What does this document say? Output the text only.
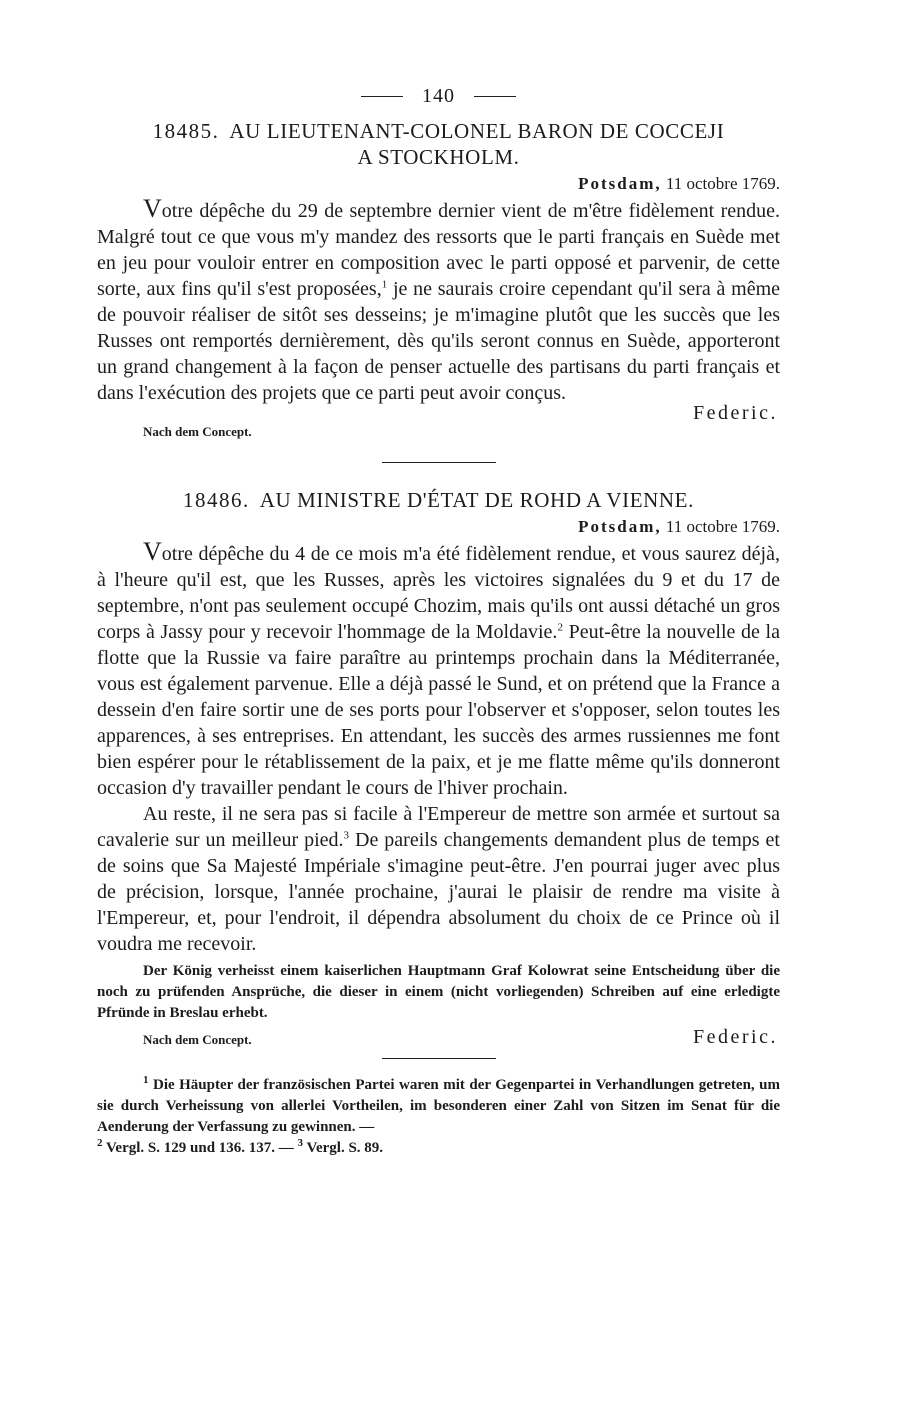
140
18485. AU LIEUTENANT-COLONEL BARON DE COCCEJI
A STOCKHOLM.
Potsdam, 11 octobre 1769.

Votre dépêche du 29 de septembre dernier vient de m'être fidèlement rendue. Malgré tout ce que vous m'y mandez des ressorts que le parti français en Suède met en jeu pour vouloir entrer en composition avec le parti opposé et parvenir, de cette sorte, aux fins qu'il s'est proposées,$^1$ je ne saurais croire cependant qu'il sera à même de pouvoir réaliser de sitôt ses desseins; je m'imagine plutôt que les succès que les Russes ont remportés dernièrement, dès qu'ils seront connus en Suède, apporteront un grand changement à la façon de penser actuelle des partisans du parti français et dans l'exécution des projets que ce parti peut avoir conçus.

Federic.
Nach dem Concept.
18486. AU MINISTRE D'ÉTAT DE ROHD A VIENNE.
Potsdam, 11 octobre 1769.

Votre dépêche du 4 de ce mois m'a été fidèlement rendue, et vous saurez déjà, à l'heure qu'il est, que les Russes, après les victoires signalées du 9 et du 17 de septembre, n'ont pas seulement occupé Chozim, mais qu'ils ont aussi détaché un gros corps à Jassy pour y recevoir l'hommage de la Moldavie.$^2$ Peut-être la nouvelle de la flotte que la Russie va faire paraître au printemps prochain dans la Méditerranée, vous est également parvenue. Elle a déjà passé le Sund, et on prétend que la France a dessein d'en faire sortir une de ses ports pour l'observer et s'opposer, selon toutes les apparences, à ses entreprises. En attendant, les succès des armes russiennes me font bien espérer pour le rétablissement de la paix, et je me flatte même qu'ils donneront occasion d'y travailler pendant le cours de l'hiver prochain.

Au reste, il ne sera pas si facile à l'Empereur de mettre son armée et surtout sa cavalerie sur un meilleur pied.$^3$ De pareils changements demandent plus de temps et de soins que Sa Majesté Impériale s'imagine peut-être. J'en pourrai juger avec plus de précision, lorsque, l'année prochaine, j'aurai le plaisir de rendre ma visite à l'Empereur, et, pour l'endroit, il dépendra absolument du choix de ce Prince où il voudra me recevoir.

Der König verheisst einem kaiserlichen Hauptmann Graf Kolowrat seine Entscheidung über die noch zu prüfenden Ansprüche, die dieser in einem (nicht vorliegenden) Schreiben auf eine erledigte Pfründe in Breslau erhebt.

Federic.
Nach dem Concept.

$^1$ Die Häupter der französischen Partei waren mit der Gegenpartei in Verhandlungen getreten, um sie durch Verheissung von allerlei Vortheilen, im besonderen einer Zahl von Sitzen im Senat für die Aenderung der Verfassung zu gewinnen. —

$^2$ Vergl. S. 129 und 136. 137. — $^3$ Vergl. S. 89.
